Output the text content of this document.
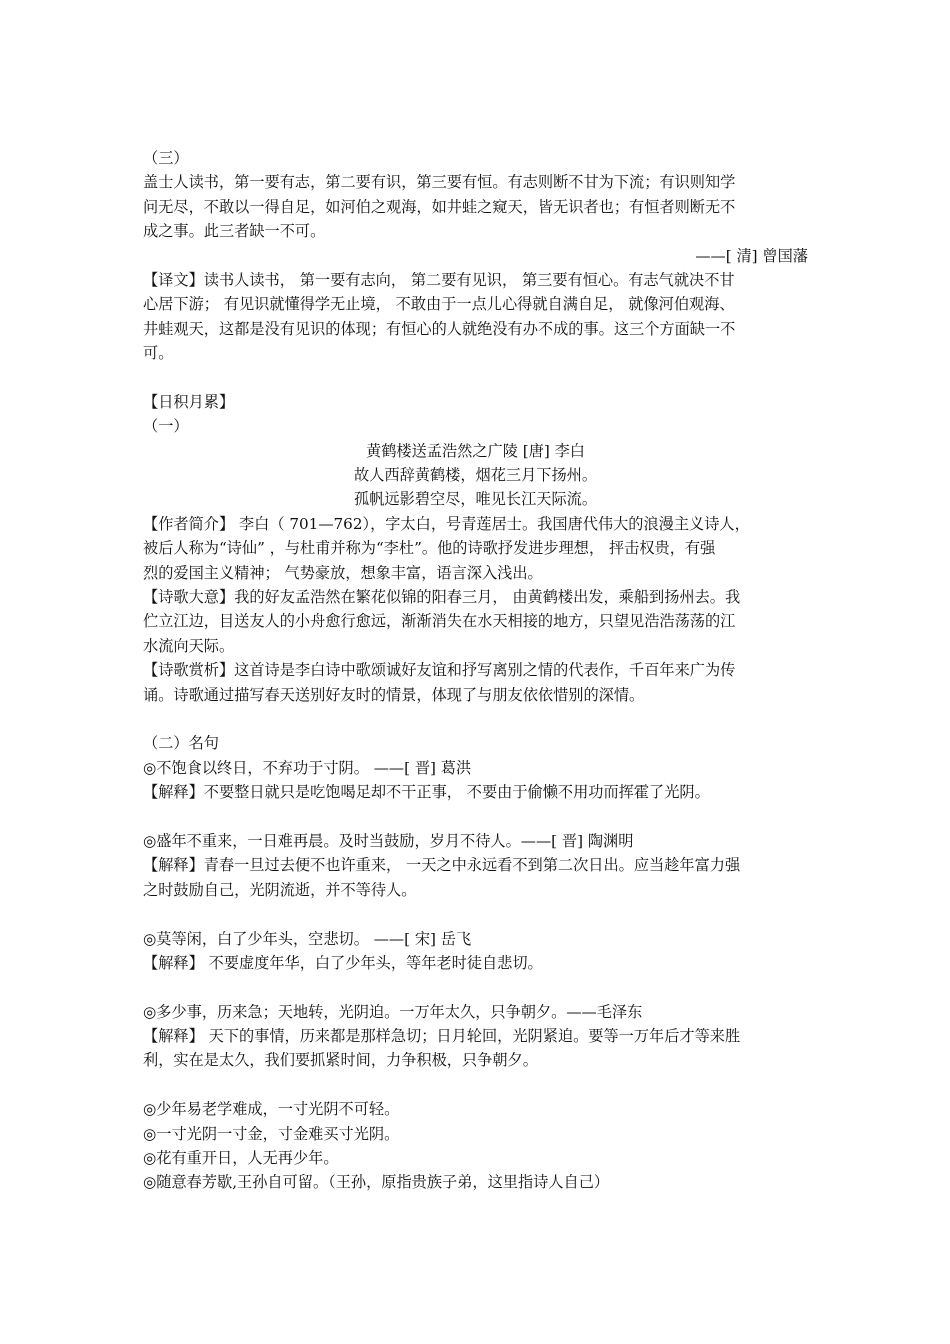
（三）
盖士人读书，第一要有志，第二要有识，第三要有恒。有志则断不甘为下流；有识则知学
问无尽，不敢以一得自足，如河伯之观海，如井蛙之窥天，皆无识者也；有恒者则断无不
成之事。此三者缺一不可。
——[ 清] 曾国藩
【译文】读书人读书， 第一要有志向， 第二要有见识， 第三要有恒心。有志气就决不甘
心居下游； 有见识就懂得学无止境， 不敢由于一点儿心得就自满自足， 就像河伯观海、
井蛙观天，这都是没有见识的体现；有恒心的人就绝没有办不成的事。这三个方面缺一不
可。
【日积月累】
（一）
黄鹤楼送孟浩然之广陵 [唐] 李白
故人西辞黄鹤楼，烟花三月下扬州。
孤帆远影碧空尽，唯见长江天际流。
【作者简介】 李白（ 701—762），字太白，号青莲居士。我国唐代伟大的浪漫主义诗人，
被后人称为“诗仙” ，与杜甫并称为“李杜”。他的诗歌抒发进步理想， 抨击权贵，有强
烈的爱国主义精神； 气势豪放，想象丰富，语言深入浅出。
【诗歌大意】我的好友孟浩然在繁花似锦的阳春三月， 由黄鹤楼出发，乘船到扬州去。我
伫立江边，目送友人的小舟愈行愈远，渐渐消失在水天相接的地方，只望见浩浩荡荡的江
水流向天际。
【诗歌赏析】这首诗是李白诗中歌颂诚好友谊和抒写离别之情的代表作，千百年来广为传
诵。诗歌通过描写春天送别好友时的情景，体现了与朋友依依惜别的深情。
（二）名句
◎不饱食以终日，不弃功于寸阴。 ——[ 晋] 葛洪
【解释】不要整日就只是吃饱喝足却不干正事， 不要由于偷懒不用功而挥霍了光阴。
◎盛年不重来，一日难再晨。及时当鼓励，岁月不待人。——[ 晋] 陶渊明
【解释】青春一旦过去便不也许重来， 一天之中永远看不到第二次日出。应当趁年富力强
之时鼓励自己，光阴流逝，并不等待人。
◎莫等闲，白了少年头，空悲切。 ——[ 宋] 岳飞
【解释】 不要虚度年华，白了少年头，等年老时徒自悲切。
◎多少事，历来急；天地转，光阴迫。一万年太久，只争朝夕。——毛泽东
【解释】 天下的事情，历来都是那样急切；日月轮回，光阴紧迫。要等一万年后才等来胜
利，实在是太久，我们要抓紧时间，力争积极，只争朝夕。
◎少年易老学难成，一寸光阴不可轻。
◎一寸光阴一寸金，寸金难买寸光阴。
◎花有重开日，人无再少年。
◎随意春芳歇,王孙自可留。（王孙，原指贵族子弟，这里指诗人自己）
